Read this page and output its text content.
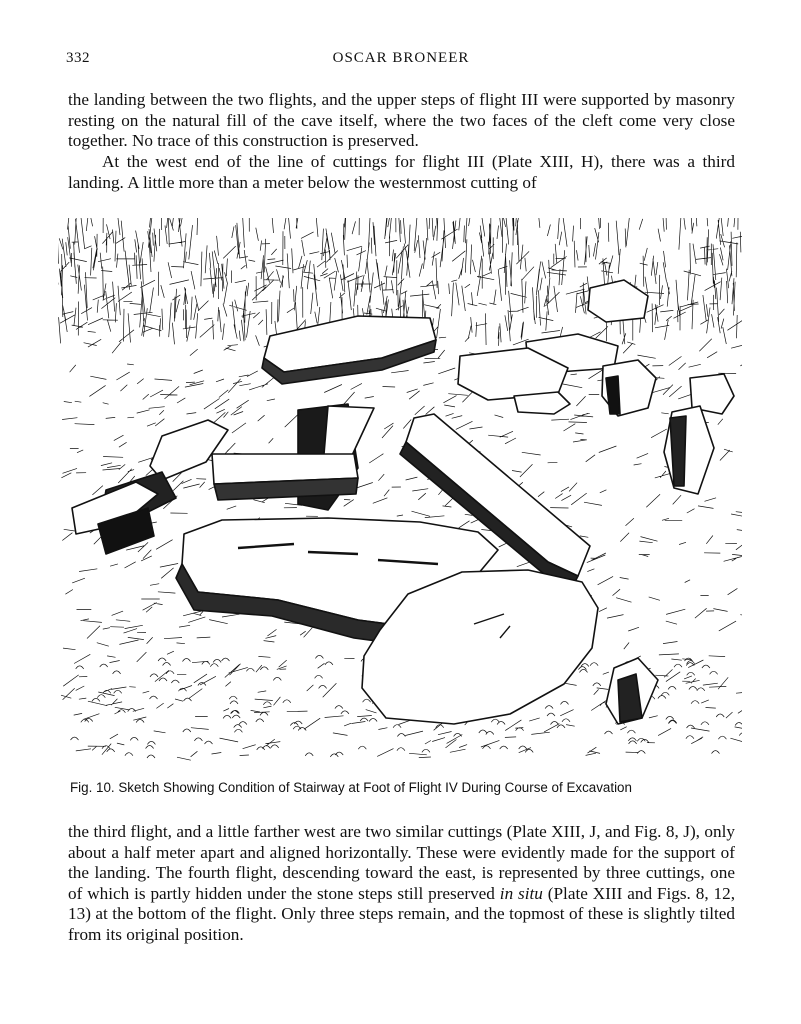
332	OSCAR BRONEER

the landing between the two flights, and the upper steps of flight III were supported by masonry resting on the natural fill of the cave itself, where the two faces of the cleft come very close together. No trace of this construction is preserved.

At the west end of the line of cuttings for flight III (Plate XIII, H), there was a third landing. A little more than a meter below the westernmost cutting of

Fig. 10. Sketch Showing Condition of Stairway at Foot of Flight IV During Course of Excavation

the third flight, and a little farther west are two similar cuttings (Plate XIII, J, and Fig. 8, J), only about a half meter apart and aligned horizontally. These were evidently made for the support of the landing. The fourth flight, descending toward the east, is represented by three cuttings, one of which is partly hidden under the stone steps still preserved in situ (Plate XIII and Figs. 8, 12, 13) at the bottom of the flight. Only three steps remain, and the topmost of these is slightly tilted from its original position.
